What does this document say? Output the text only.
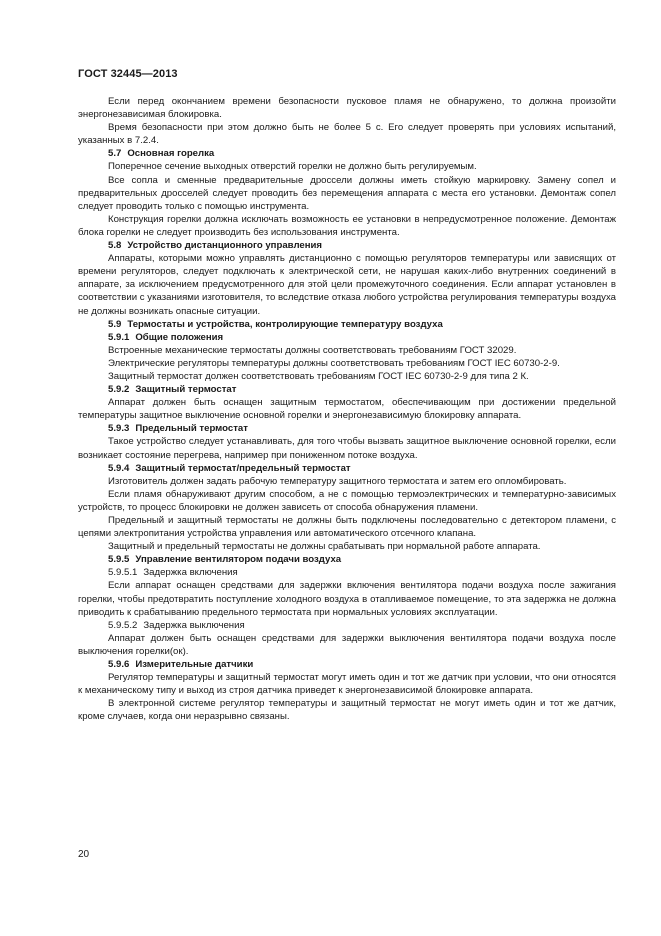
ГОСТ 32445—2013
Если перед окончанием времени безопасности пусковое пламя не обнаружено, то должна произойти энергонезависимая блокировка.
Время безопасности при этом должно быть не более 5 с. Его следует проверять при условиях испытаний, указанных в 7.2.4.
5.7 Основная горелка
Поперечное сечение выходных отверстий горелки не должно быть регулируемым.
Все сопла и сменные предварительные дроссели должны иметь стойкую маркировку. Замену сопел и предварительных дросселей следует проводить без перемещения аппарата с места его установки. Демонтаж сопел следует проводить только с помощью инструмента.
Конструкция горелки должна исключать возможность ее установки в непредусмотренное положение. Демонтаж блока горелки не следует производить без использования инструмента.
5.8 Устройство дистанционного управления
Аппараты, которыми можно управлять дистанционно с помощью регуляторов температуры или зависящих от времени регуляторов, следует подключать к электрической сети, не нарушая каких-либо внутренних соединений в аппарате, за исключением предусмотренного для этой цели промежуточного соединения. Если аппарат установлен в соответствии с указаниями изготовителя, то вследствие отказа любого устройства регулирования температуры воздуха не должны возникать опасные ситуации.
5.9 Термостаты и устройства, контролирующие температуру воздуха
5.9.1 Общие положения
Встроенные механические термостаты должны соответствовать требованиям ГОСТ 32029.
Электрические регуляторы температуры должны соответствовать требованиям ГОСТ IEC 60730-2-9.
Защитный термостат должен соответствовать требованиям ГОСТ IEC 60730-2-9 для типа 2 К.
5.9.2 Защитный термостат
Аппарат должен быть оснащен защитным термостатом, обеспечивающим при достижении предельной температуры защитное выключение основной горелки и энергонезависимую блокировку аппарата.
5.9.3 Предельный термостат
Такое устройство следует устанавливать, для того чтобы вызвать защитное выключение основной горелки, если возникает состояние перегрева, например при пониженном потоке воздуха.
5.9.4 Защитный термостат/предельный термостат
Изготовитель должен задать рабочую температуру защитного термостата и затем его опломбировать.
Если пламя обнаруживают другим способом, а не с помощью термоэлектрических и температурно-зависимых устройств, то процесс блокировки не должен зависеть от способа обнаружения пламени.
Предельный и защитный термостаты не должны быть подключены последовательно с детектором пламени, с цепями электропитания устройства управления или автоматического отсечного клапана.
Защитный и предельный термостаты не должны срабатывать при нормальной работе аппарата.
5.9.5 Управление вентилятором подачи воздуха
5.9.5.1 Задержка включения
Если аппарат оснащен средствами для задержки включения вентилятора подачи воздуха после зажигания горелки, чтобы предотвратить поступление холодного воздуха в отапливаемое помещение, то эта задержка не должна приводить к срабатыванию предельного термостата при нормальных условиях эксплуатации.
5.9.5.2 Задержка выключения
Аппарат должен быть оснащен средствами для задержки выключения вентилятора подачи воздуха после выключения горелки(ок).
5.9.6 Измерительные датчики
Регулятор температуры и защитный термостат могут иметь один и тот же датчик при условии, что они относятся к механическому типу и выход из строя датчика приведет к энергонезависимой блокировке аппарата.
В электронной системе регулятор температуры и защитный термостат не могут иметь один и тот же датчик, кроме случаев, когда они неразрывно связаны.
20
